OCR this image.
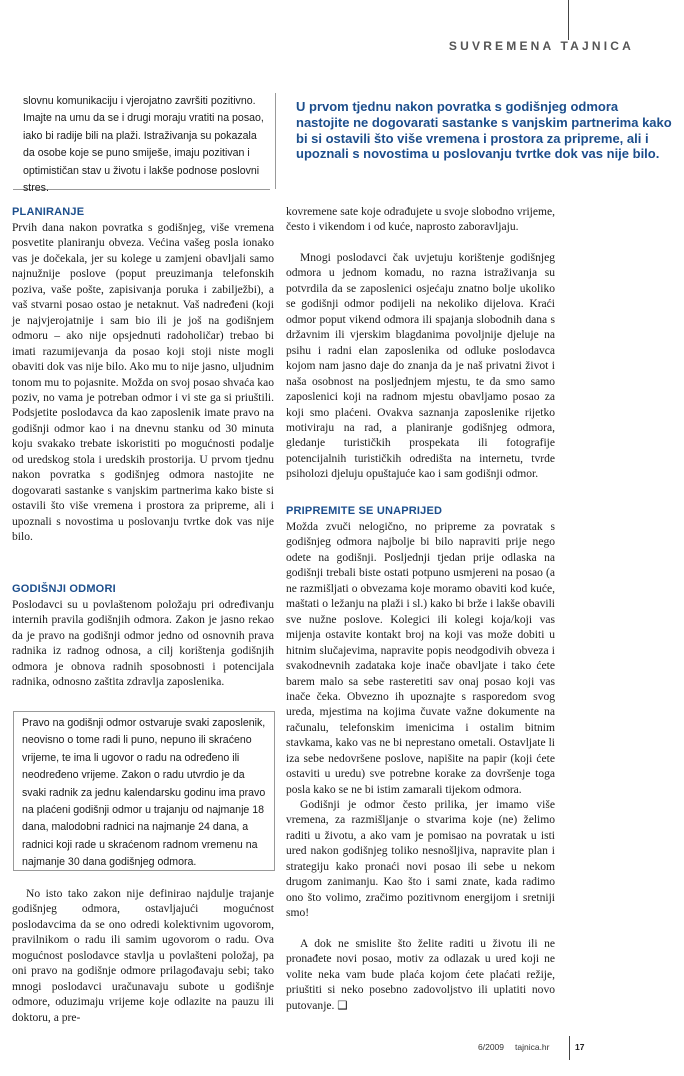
SUVREMENA TAJNICA
slovnu komunikaciju i vjerojatno završiti pozitivno. Imajte na umu da se i drugi moraju vratiti na posao, iako bi radije bili na plaži. Istraživanja su pokazala da osobe koje se puno smiješe, imaju pozitivan i optimističan stav u životu i lakše podnose poslovni stres.
U prvom tjednu nakon povratka s godišnjeg odmora nastojite ne dogovarati sastanke s vanjskim partnerima kako bi si ostavili što više vremena i prostora za pripreme, ali i upoznali s novostima u poslovanju tvrtke dok vas nije bilo.
PLANIRANJE
Prvih dana nakon povratka s godišnjeg, više vremena posvetite planiranju obveza. Većina vašeg posla ionako vas je dočekala, jer su kolege u zamjeni obavljali samo najnužnije poslove (poput preuzimanja telefonskih poziva, vaše pošte, zapisivanja poruka i zabilježbi), a vaš stvarni posao ostao je netaknut. Vaš nadređeni (koji je najvjerojatnije i sam bio ili je još na godišnjem odmoru – ako nije opsjednuti radoholičar) trebao bi imati razumijevanja da posao koji stoji niste mogli obaviti dok vas nije bilo. Ako mu to nije jasno, uljudnim tonom mu to pojasnite. Možda on svoj posao shvaća kao poziv, no vama je potreban odmor i vi ste ga si priuštili. Podsjetite poslodavca da kao zaposlenik imate pravo na godišnji odmor kao i na dnevnu stanku od 30 minuta koju svakako trebate iskoristiti po mogućnosti podalje od uredskog stola i uredskih prostorija. U prvom tjednu nakon povratka s godišnjeg odmora nastojite ne dogovarati sastanke s vanjskim partnerima kako biste si ostavili što više vremena i prostora za pripreme, ali i upoznali s novostima u poslovanju tvrtke dok vas nije bilo.
GODIŠNJI ODMORI
Poslodavci su u povlaštenom položaju pri određivanju internih pravila godišnjih odmora. Zakon je jasno rekao da je pravo na godišnji odmor jedno od osnovnih prava radnika iz radnog odnosa, a cilj korištenja godišnjih odmora je obnova radnih sposobnosti i potencijala radnika, odnosno zaštita zdravlja zaposlenika.
Pravo na godišnji odmor ostvaruje svaki zaposlenik, neovisno o tome radi li puno, nepuno ili skraćeno vrijeme, te ima li ugovor o radu na određeno ili neodređeno vrijeme. Zakon o radu utvrdio je da svaki radnik za jednu kalendarsku godinu ima pravo na plaćeni godišnji odmor u trajanju od najmanje 18 dana, malodobni radnici na najmanje 24 dana, a radnici koji rade u skraćenom radnom vremenu na najmanje 30 dana godišnjeg odmora.
No isto tako zakon nije definirao najdulje trajanje godišnjeg odmora, ostavljajući mogućnost poslodavcima da se ono odredi kolektivnim ugovorom, pravilnikom o radu ili samim ugovorom o radu. Ova mogućnost poslodavce stavlja u povlašteni položaj, pa oni pravo na godišnje odmore prilagođavaju sebi; tako mnogi poslodavci uračunavaju subote u godišnje odmore, oduzimaju vrijeme koje odlazite na pauzu ili doktoru, a pre-
kovremene sate koje odrađujete u svoje slobodno vrijeme, često i vikendom i od kuće, naprosto zaboravljaju.
Mnogi poslodavci čak uvjetuju korištenje godišnjeg odmora u jednom komadu, no razna istraživanja su potvrdila da se zaposlenici osjećaju znatno bolje ukoliko se godišnji odmor podijeli na nekoliko dijelova. Kraći odmor poput vikend odmora ili spajanja slobodnih dana s državnim ili vjerskim blagdanima povoljnije djeluje na psihu i radni elan zaposlenika od odluke poslodavca kojom nam jasno daje do znanja da je naš privatni život i naša osobnost na posljednjem mjestu, te da smo samo zaposlenici koji na radnom mjestu obavljamo posao za koji smo plaćeni. Ovakva saznanja zaposlenike rijetko motiviraju na rad, a planiranje godišnjeg odmora, gledanje turističkih prospekata ili fotografije potencijalnih turističkih odredišta na internetu, tvrde psiholozi djeluju opuštajuće kao i sam godišnji odmor.
PRIPREMITE SE UNAPRIJED
Možda zvuči nelogično, no pripreme za povratak s godišnjeg odmora najbolje bi bilo napraviti prije nego odete na godišnji. Posljednji tjedan prije odlaska na godišnji trebali biste ostati potpuno usmjereni na posao (a ne razmišljati o obvezama koje moramo obaviti kod kuće, maštati o ležanju na plaži i sl.) kako bi brže i lakše obavili sve nužne poslove. Kolegici ili kolegi koja/koji vas mijenja ostavite kontakt broj na koji vas može dobiti u hitnim slučajevima, napravite popis neodgodivih obveza i svakodnevnih zadataka koje inače obavljate i tako ćete barem malo sa sebe rasteretiti sav onaj posao koji vas inače čeka. Obvezno ih upoznajte s rasporedom svog ureda, mjestima na kojima čuvate važne dokumente na računalu, telefonskim imenicima i ostalim bitnim stavkama, kako vas ne bi neprestano ometali. Ostavljate li iza sebe nedovršene poslove, napišite na papir (koji ćete ostaviti u uredu) sve potrebne korake za dovršenje toga posla kako se ne bi istim zamarali tijekom odmora.
Godišnji je odmor često prilika, jer imamo više vremena, za razmišljanje o stvarima koje (ne) želimo raditi u životu, a ako vam je pomisao na povratak u isti ured nakon godišnjeg toliko nesnošljiva, napravite plan i strategiju kako pronaći novi posao ili sebe u nekom drugom zanimanju. Kao što i sami znate, kada radimo ono što volimo, zračimo pozitivnom energijom i sretniji smo!
A dok ne smislite što želite raditi u životu ili ne pronađete novi posao, motiv za odlazak u ured koji ne volite neka vam bude plaća kojom ćete plaćati režije, priuštiti si neko posebno zadovoljstvo ili uplatiti novo putovanje. ❑
6/2009 tajnica.hr	17
